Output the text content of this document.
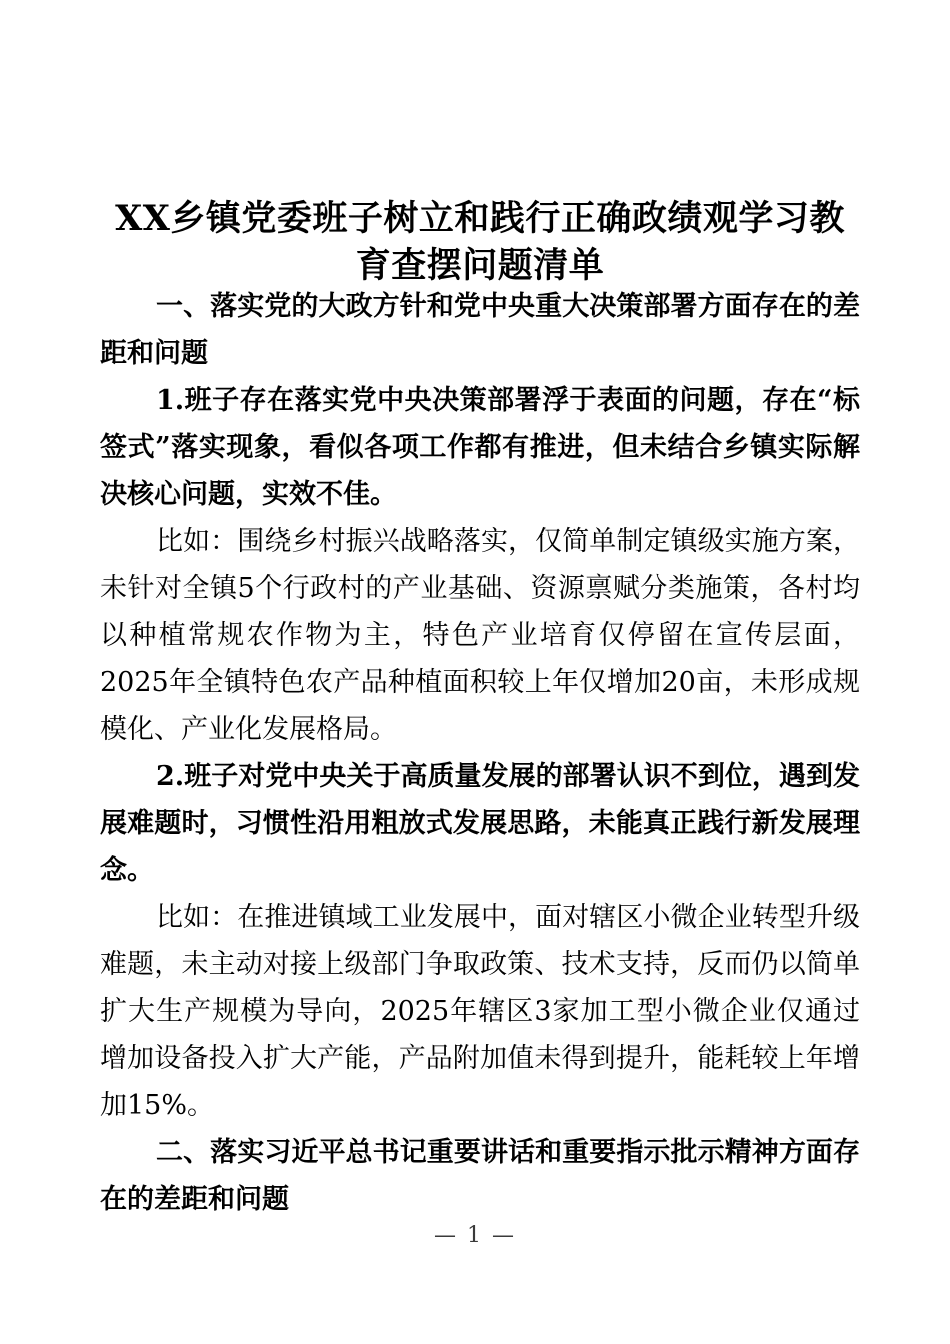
XX乡镇党委班子树立和践行正确政绩观学习教育查摆问题清单

一、落实党的大政方针和党中央重大决策部署方面存在的差距和问题

1.班子存在落实党中央决策部署浮于表面的问题，存在“标签式”落实现象，看似各项工作都有推进，但未结合乡镇实际解决核心问题，实效不佳。

比如：围绕乡村振兴战略落实，仅简单制定镇级实施方案，未针对全镇5个行政村的产业基础、资源禀赋分类施策，各村均以种植常规农作物为主，特色产业培育仅停留在宣传层面，2025年全镇特色农产品种植面积较上年仅增加20亩，未形成规模化、产业化发展格局。

2.班子对党中央关于高质量发展的部署认识不到位，遇到发展难题时，习惯性沿用粗放式发展思路，未能真正践行新发展理念。

比如：在推进镇域工业发展中，面对辖区小微企业转型升级难题，未主动对接上级部门争取政策、技术支持，反而仍以简单扩大生产规模为导向，2025年辖区3家加工型小微企业仅通过增加设备投入扩大产能，产品附加值未得到提升，能耗较上年增加15%。

二、落实习近平总书记重要讲话和重要指示批示精神方面存在的差距和问题

— 1 —
